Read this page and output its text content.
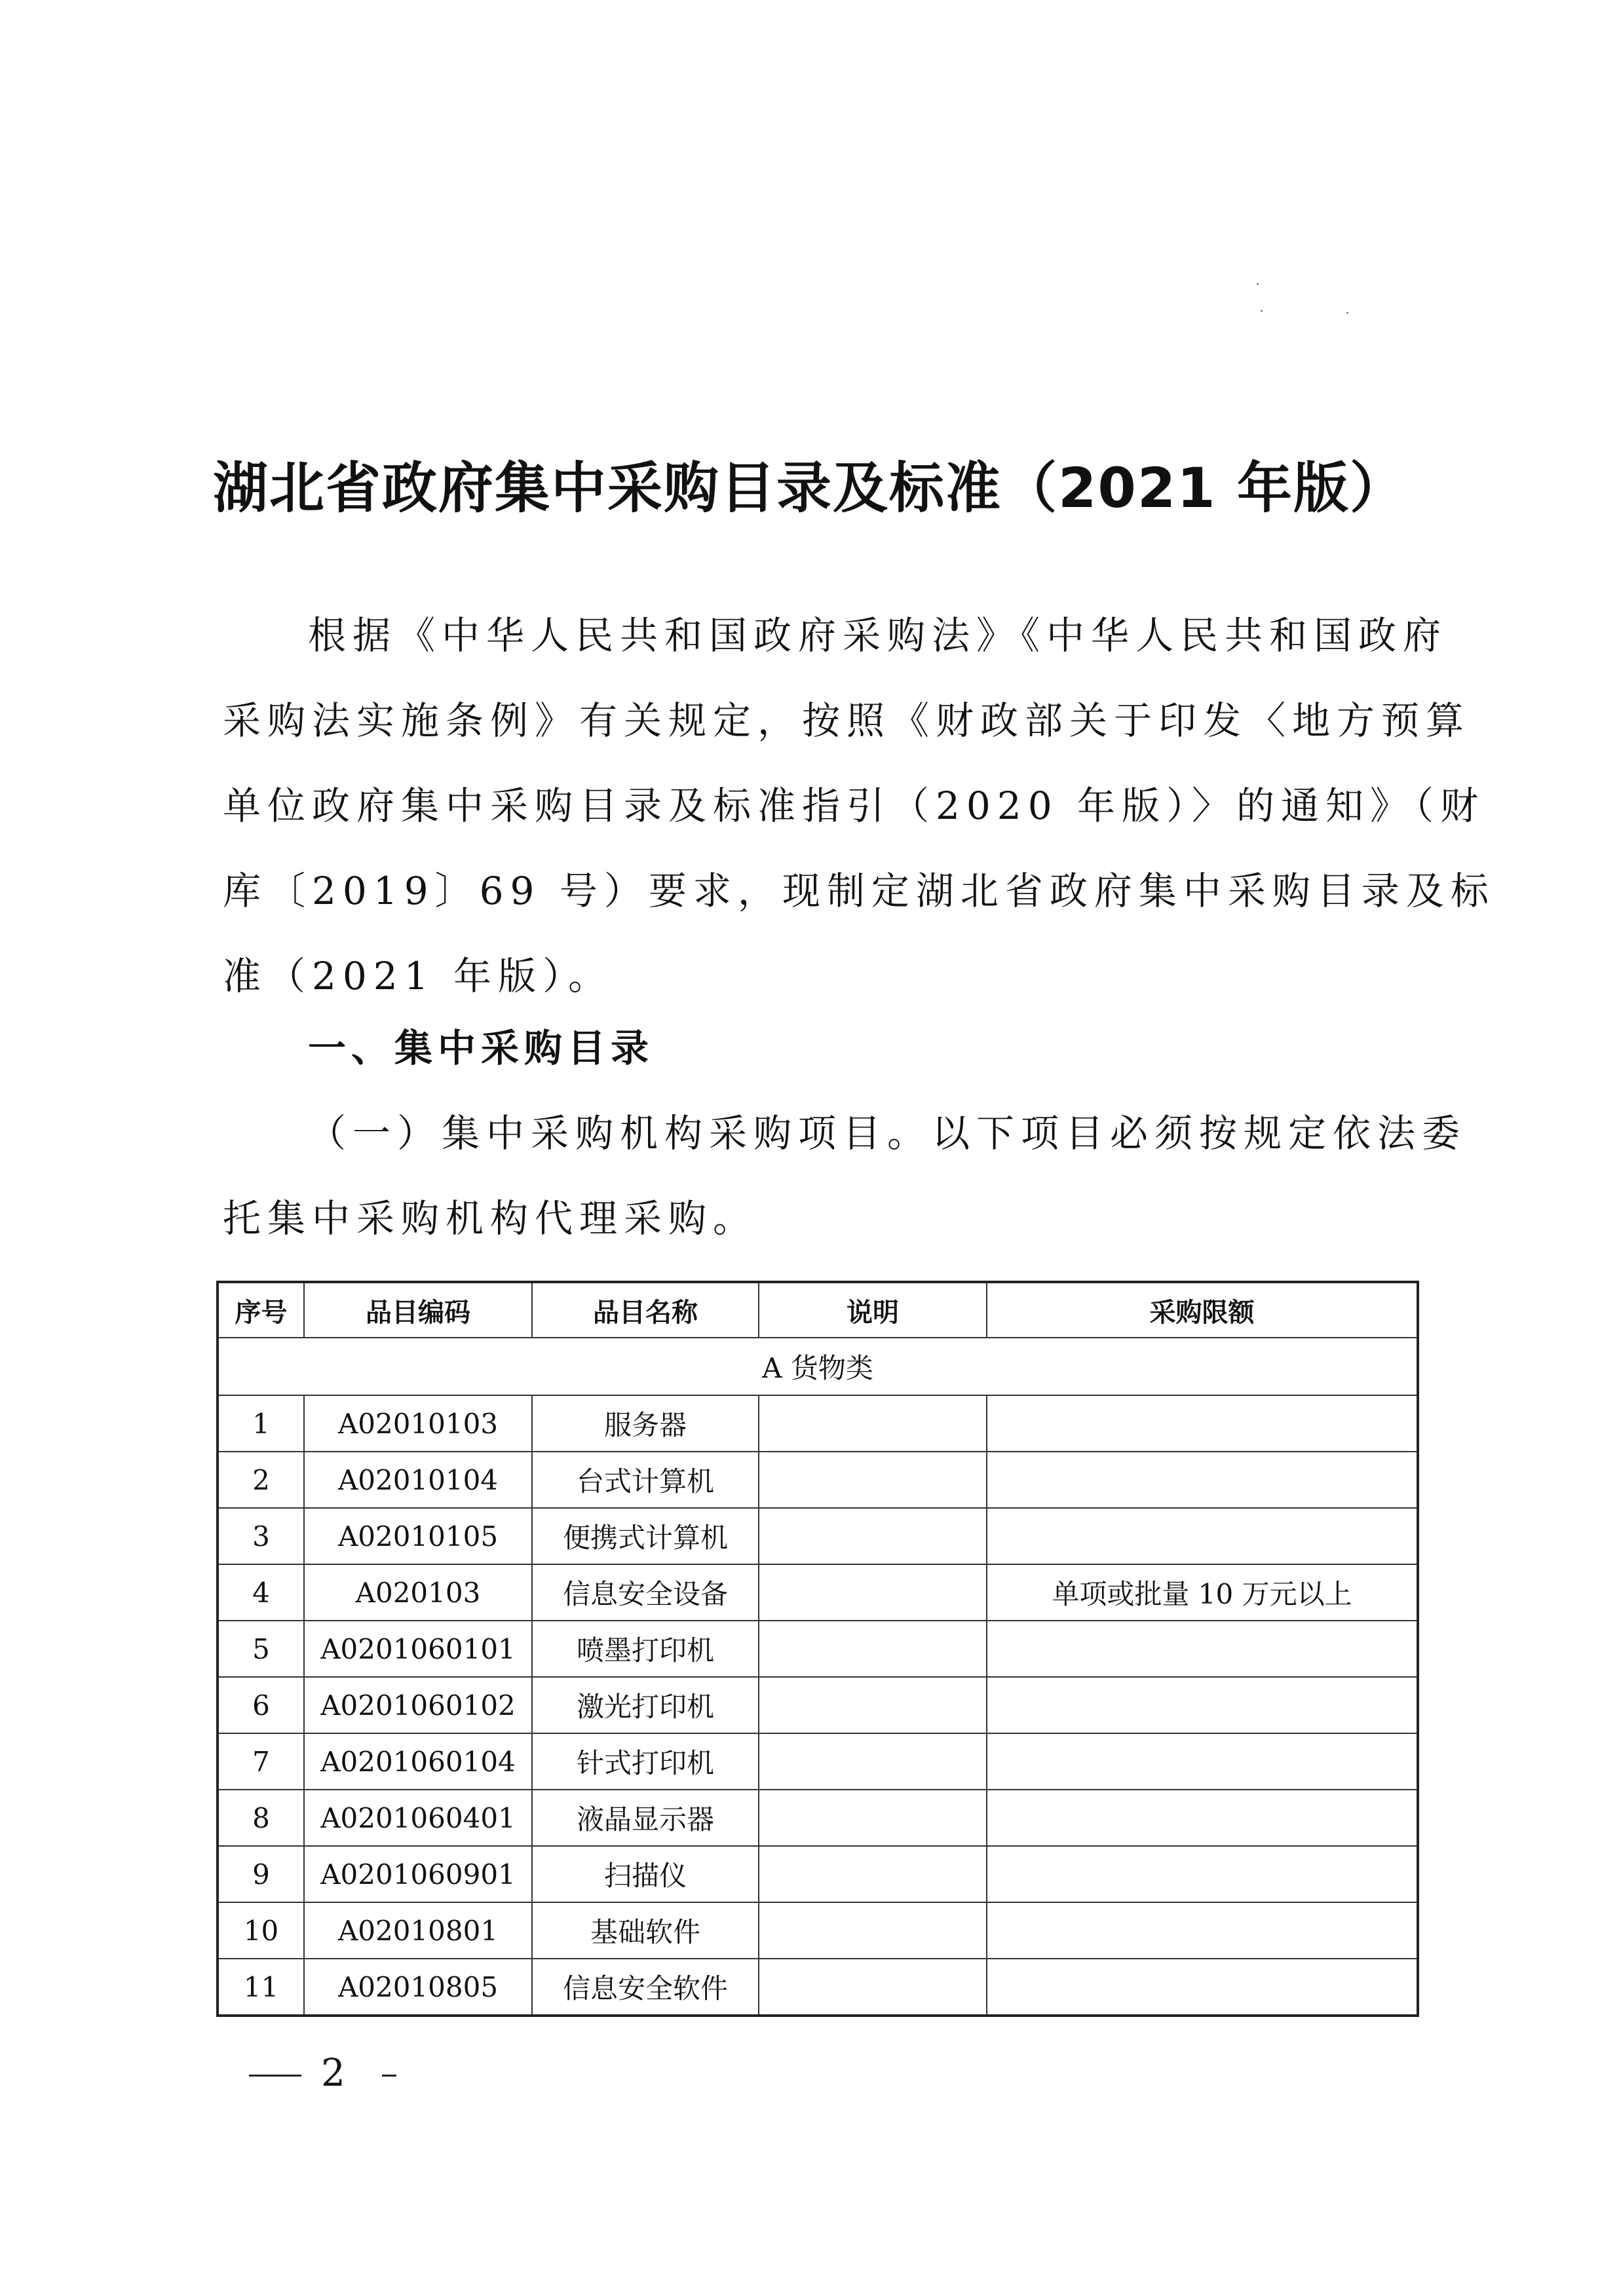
湖北省政府集中采购目录及标准（2021 年版）
根据《中华人民共和国政府采购法》《中华人民共和国政府
采购法实施条例》有关规定，按照《财政部关于印发〈地方预算
单位政府集中采购目录及标准指引（2020 年版）〉的通知》（财
库〔2019〕69 号）要求，现制定湖北省政府集中采购目录及标
准（2021 年版）。
一、集中采购目录
（一）集中采购机构采购项目。以下项目必须按规定依法委
托集中采购机构代理采购。
序号	品目编码	品目名称	说明	采购限额
A 货物类				
1	A02010103	服务器		
2	A02010104	台式计算机		
3	A02010105	便携式计算机		
4	A020103	信息安全设备		单项或批量 10 万元以上
5	A0201060101	喷墨打印机		
6	A0201060102	激光打印机		
7	A0201060104	针式打印机		
8	A0201060401	液晶显示器		
9	A0201060901	扫描仪		
10	A02010801	基础软件		
11	A02010805	信息安全软件		
2
